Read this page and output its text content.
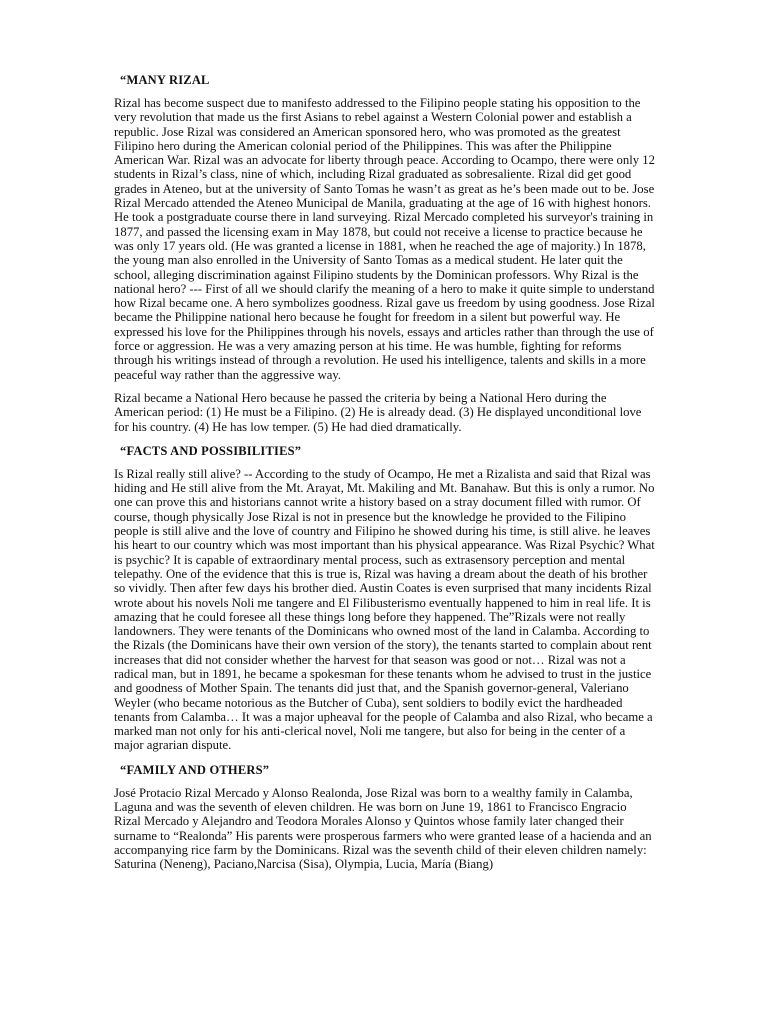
“MANY RIZAL

Rizal has become suspect due to manifesto addressed to the Filipino people stating his opposition to the very revolution that made us the first Asians to rebel against a Western Colonial power and establish a republic. Jose Rizal was considered an American sponsored hero, who was promoted as the greatest Filipino hero during the American colonial period of the Philippines. This was after the Philippine American War. Rizal was an advocate for liberty through peace. According to Ocampo, there were only 12 students in Rizal’s class, nine of which, including Rizal graduated as sobresaliente. Rizal did get good grades in Ateneo, but at the university of Santo Tomas he wasn’t as great as he’s been made out to be. Jose Rizal Mercado attended the Ateneo Municipal de Manila, graduating at the age of 16 with highest honors. He took a postgraduate course there in land surveying. Rizal Mercado completed his surveyor's training in 1877, and passed the licensing exam in May 1878, but could not receive a license to practice because he was only 17 years old. (He was granted a license in 1881, when he reached the age of majority.) In 1878, the young man also enrolled in the University of Santo Tomas as a medical student. He later quit the school, alleging discrimination against Filipino students by the Dominican professors. Why Rizal is the national hero? --- First of all we should clarify the meaning of a hero to make it quite simple to understand how Rizal became one. A hero symbolizes goodness. Rizal gave us freedom by using goodness. Jose Rizal became the Philippine national hero because he fought for freedom in a silent but powerful way. He expressed his love for the Philippines through his novels, essays and articles rather than through the use of force or aggression. He was a very amazing person at his time. He was humble, fighting for reforms through his writings instead of through a revolution. He used his intelligence, talents and skills in a more peaceful way rather than the aggressive way.

Rizal became a National Hero because he passed the criteria by being a National Hero during the American period: (1) He must be a Filipino. (2) He is already dead. (3) He displayed unconditional love for his country. (4) He has low temper. (5) He had died dramatically.

“FACTS AND POSSIBILITIES”

Is Rizal really still alive? -- According to the study of Ocampo, He met a Rizalista and said that Rizal was hiding and He still alive from the Mt. Arayat, Mt. Makiling and Mt. Banahaw. But this is only a rumor. No one can prove this and historians cannot write a history based on a stray document filled with rumor. Of course, though physically Jose Rizal is not in presence but the knowledge he provided to the Filipino people is still alive and the love of country and Filipino he showed during his time, is still alive. he leaves his heart to our country which was most important than his physical appearance. Was Rizal Psychic? What is psychic? It is capable of extraordinary mental process, such as extrasensory perception and mental telepathy. One of the evidence that this is true is, Rizal was having a dream about the death of his brother so vividly. Then after few days his brother died. Austin Coates is even surprised that many incidents Rizal wrote about his novels Noli me tangere and El Filibusterismo eventually happened to him in real life. It is amazing that he could foresee all these things long before they happened. The”Rizals were not really landowners. They were tenants of the Dominicans who owned most of the land in Calamba. According to the Rizals (the Dominicans have their own version of the story), the tenants started to complain about rent increases that did not consider whether the harvest for that season was good or not… Rizal was not a radical man, but in 1891, he became a spokesman for these tenants whom he advised to trust in the justice and goodness of Mother Spain. The tenants did just that, and the Spanish governor-general, Valeriano Weyler (who became notorious as the Butcher of Cuba), sent soldiers to bodily evict the hardheaded tenants from Calamba… It was a major upheaval for the people of Calamba and also Rizal, who became a marked man not only for his anti-clerical novel, Noli me tangere, but also for being in the center of a major agrarian dispute.

“FAMILY AND OTHERS”

José Protacio Rizal Mercado y Alonso Realonda, Jose Rizal was born to a wealthy family in Calamba, Laguna and was the seventh of eleven children. He was born on June 19, 1861 to Francisco Engracio Rizal Mercado y Alejandro and Teodora Morales Alonso y Quintos whose family later changed their surname to “Realonda” His parents were prosperous farmers who were granted lease of a hacienda and an accompanying rice farm by the Dominicans. Rizal was the seventh child of their eleven children namely: Saturina (Neneng), Paciano,Narcisa (Sisa), Olympia, Lucia, María (Biang)
